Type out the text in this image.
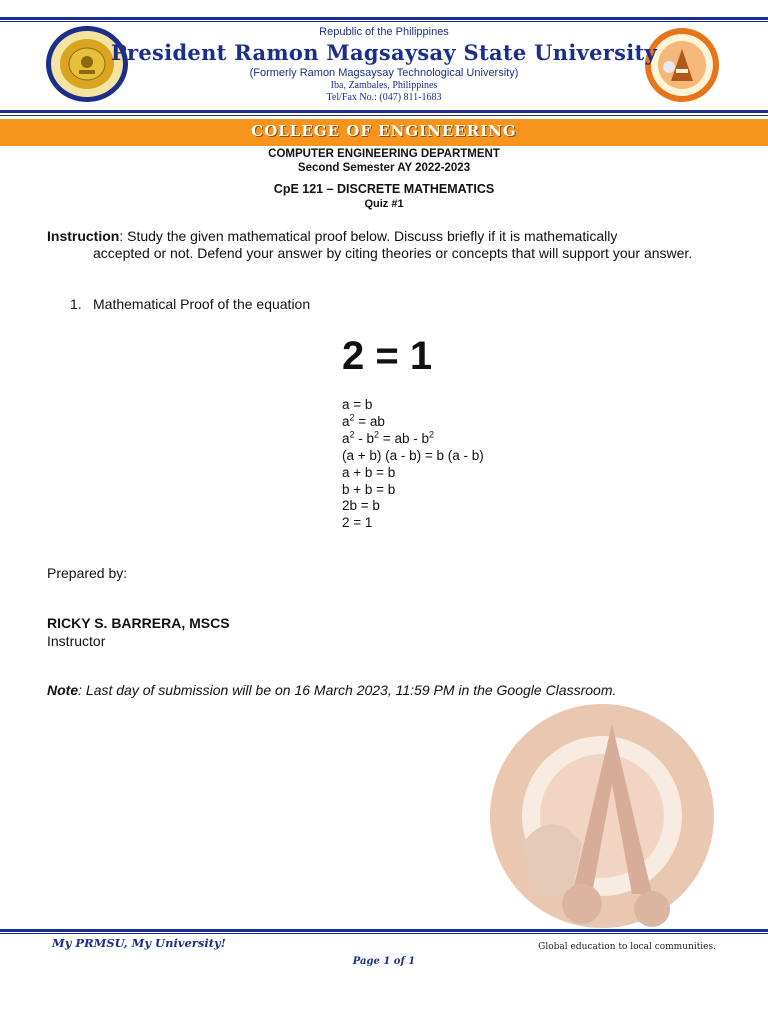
Republic of the Philippines
President Ramon Magsaysay State University
(Formerly Ramon Magsaysay Technological University)
Iba, Zambales, Philippines
Tel/Fax No.: (047) 811-1683
COLLEGE OF ENGINEERING
COMPUTER ENGINEERING DEPARTMENT
Second Semester AY 2022-2023
CpE 121 – DISCRETE MATHEMATICS
Quiz #1
Instruction: Study the given mathematical proof below. Discuss briefly if it is mathematically
accepted or not. Defend your answer by citing theories or concepts that will support your answer.
1. Mathematical Proof of the equation
2 = 1
a = b
$a^2$ = ab
$a^2 - b^2$ = ab - $b^2$
(a + b) (a - b) = b (a - b)
a + b = b
b + b = b
2b = b
2 = 1
Prepared by:
RICKY S. BARRERA, MSCS
Instructor
Note: Last day of submission will be on 16 March 2023, 11:59 PM in the Google Classroom.
My PRMSU, My University!	Global education to local communities.
Page 1 of 1
